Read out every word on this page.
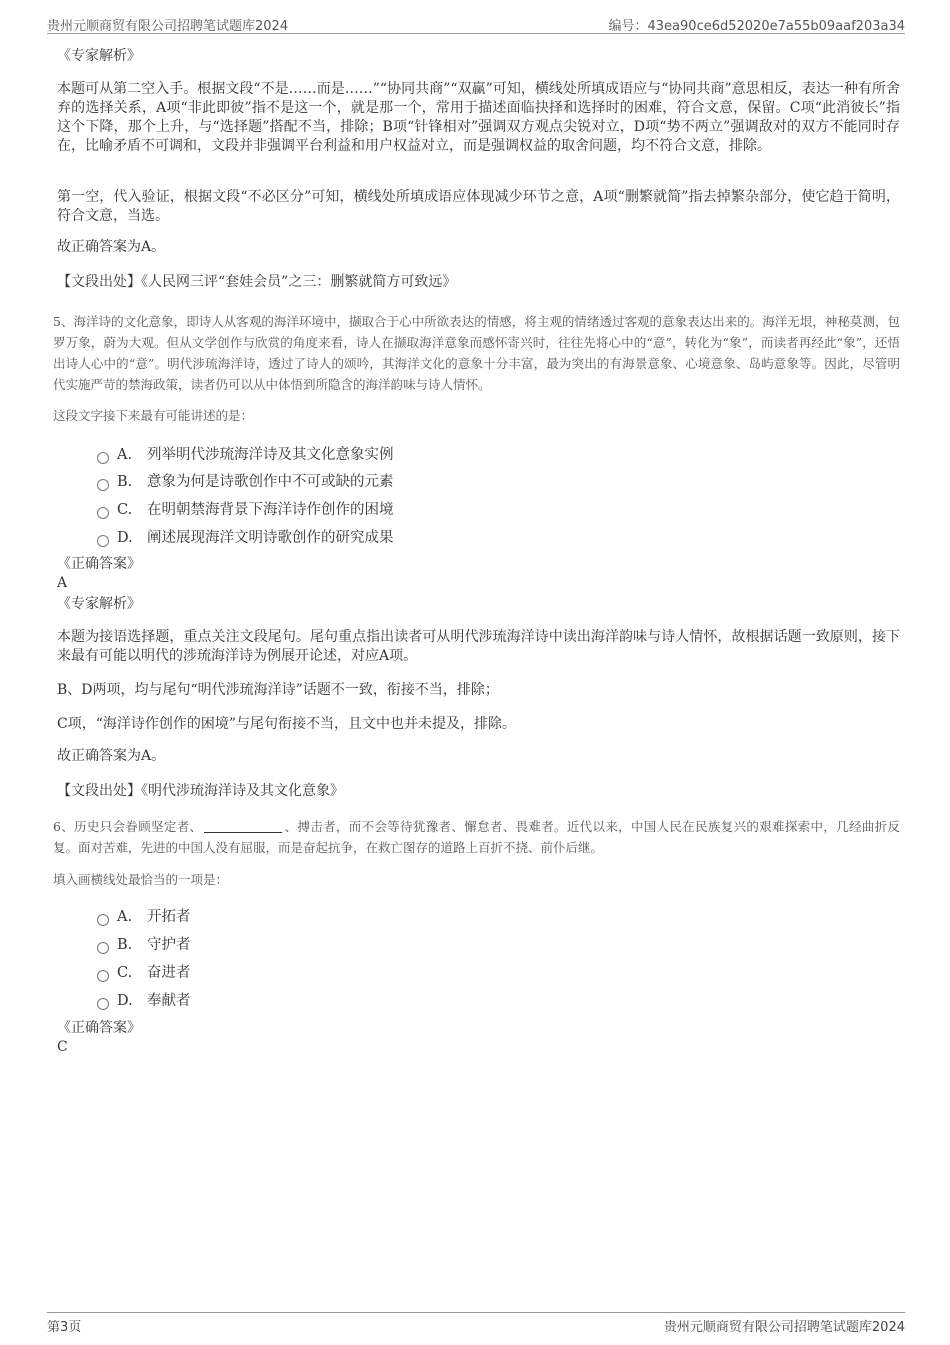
贵州元顺商贸有限公司招聘笔试题库2024	编号：43ea90ce6d52020e7a55b09aaf203a34

《专家解析》

本题可从第二空入手。根据文段“不是……而是……”“协同共商”“双赢”可知，横线处所填成语应与“协同共商”意思相反，表达一种有所舍弃的选择关系，A项“非此即彼”指不是这一个，就是那一个，常用于描述面临抉择和选择时的困难，符合文意，保留。C项“此消彼长”指这个下降，那个上升，与“选择题”搭配不当，排除；B项“针锋相对”强调双方观点尖锐对立，D项“势不两立”强调敌对的双方不能同时存在，比喻矛盾不可调和，文段并非强调平台利益和用户权益对立，而是强调权益的取舍问题，均不符合文意，排除。

第一空，代入验证，根据文段“不必区分”可知，横线处所填成语应体现减少环节之意，A项“删繁就简”指去掉繁杂部分，使它趋于简明，符合文意，当选。

故正确答案为A。

【文段出处】《人民网三评“套娃会员”之三：删繁就简方可致远》

5、海洋诗的文化意象，即诗人从客观的海洋环境中，撷取合于心中所欲表达的情感，将主观的情绪透过客观的意象表达出来的。海洋无垠，神秘莫测，包罗万象，蔚为大观。但从文学创作与欣赏的角度来看，诗人在撷取海洋意象而感怀寄兴时，往往先将心中的“意”，转化为“象”，而读者再经此“象”，还悟出诗人心中的“意”。明代涉琉海洋诗，透过了诗人的颂吟，其海洋文化的意象十分丰富，最为突出的有海景意象、心境意象、岛屿意象等。因此，尽管明代实施严苛的禁海政策，读者仍可以从中体悟到所隐含的海洋韵味与诗人情怀。

这段文字接下来最有可能讲述的是：

A. 列举明代涉琉海洋诗及其文化意象实例
B. 意象为何是诗歌创作中不可或缺的元素
C. 在明朝禁海背景下海洋诗作创作的困境
D. 阐述展现海洋文明诗歌创作的研究成果

《正确答案》

A

《专家解析》

本题为接语选择题，重点关注文段尾句。尾句重点指出读者可从明代涉琉海洋诗中读出海洋韵味与诗人情怀，故根据话题一致原则，接下来最有可能以明代的涉琉海洋诗为例展开论述，对应A项。

B、D两项，均与尾句“明代涉琉海洋诗”话题不一致，衔接不当，排除；

C项，“海洋诗作创作的困境”与尾句衔接不当，且文中也并未提及，排除。

故正确答案为A。

【文段出处】《明代涉琉海洋诗及其文化意象》

6、历史只会眷顾坚定者、	、搏击者，而不会等待犹豫者、懈怠者、畏难者。近代以来，中国人民在民族复兴的艰难探索中，几经曲折反复。面对苦难，先进的中国人没有屈服，而是奋起抗争，在救亡图存的道路上百折不挠、前仆后继。

填入画横线处最恰当的一项是：

A. 开拓者
B. 守护者
C. 奋进者
D. 奉献者

《正确答案》

C

第3页	贵州元顺商贸有限公司招聘笔试题库2024
